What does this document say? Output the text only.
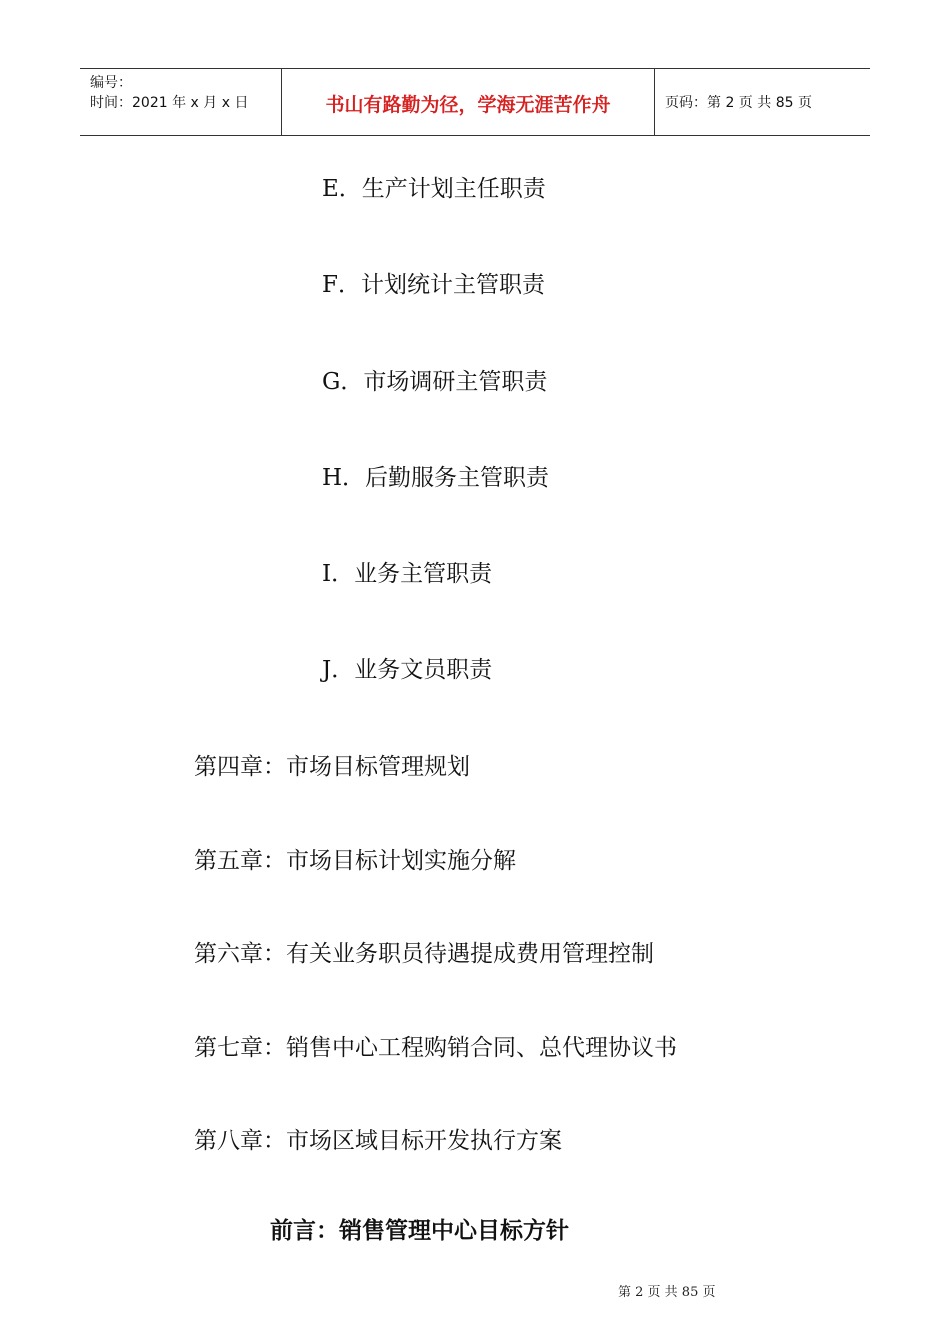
编号：
时间：2021 年 x 月 x 日	书山有路勤为径，学海无涯苦作舟	页码：第 2 页 共 85 页
E．生产计划主任职责
F．计划统计主管职责
G．市场调研主管职责
H．后勤服务主管职责
I．业务主管职责
J．业务文员职责
第四章：市场目标管理规划
第五章：市场目标计划实施分解
第六章：有关业务职员待遇提成费用管理控制
第七章：销售中心工程购销合同、总代理协议书
第八章：市场区域目标开发执行方案
前言：销售管理中心目标方针
第 2 页 共 85 页
